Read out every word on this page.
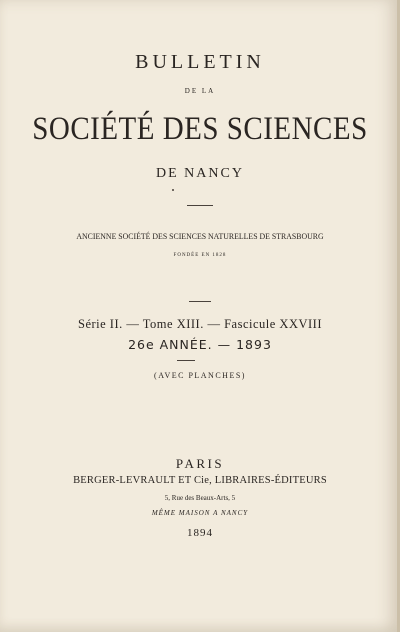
BULLETIN
DE LA
SOCIÉTÉ DES SCIENCES
DE NANCY
ANCIENNE SOCIÉTÉ DES SCIENCES NATURELLES DE STRASBOURG
FONDÉE EN 1828
Série II. — Tome XIII. — Fascicule XXVIII
26e ANNÉE. — 1893
(AVEC PLANCHES)
PARIS
BERGER-LEVRAULT ET Cie, LIBRAIRES-ÉDITEURS
5, Rue des Beaux-Arts, 5
MÊME MAISON A NANCY
1894
